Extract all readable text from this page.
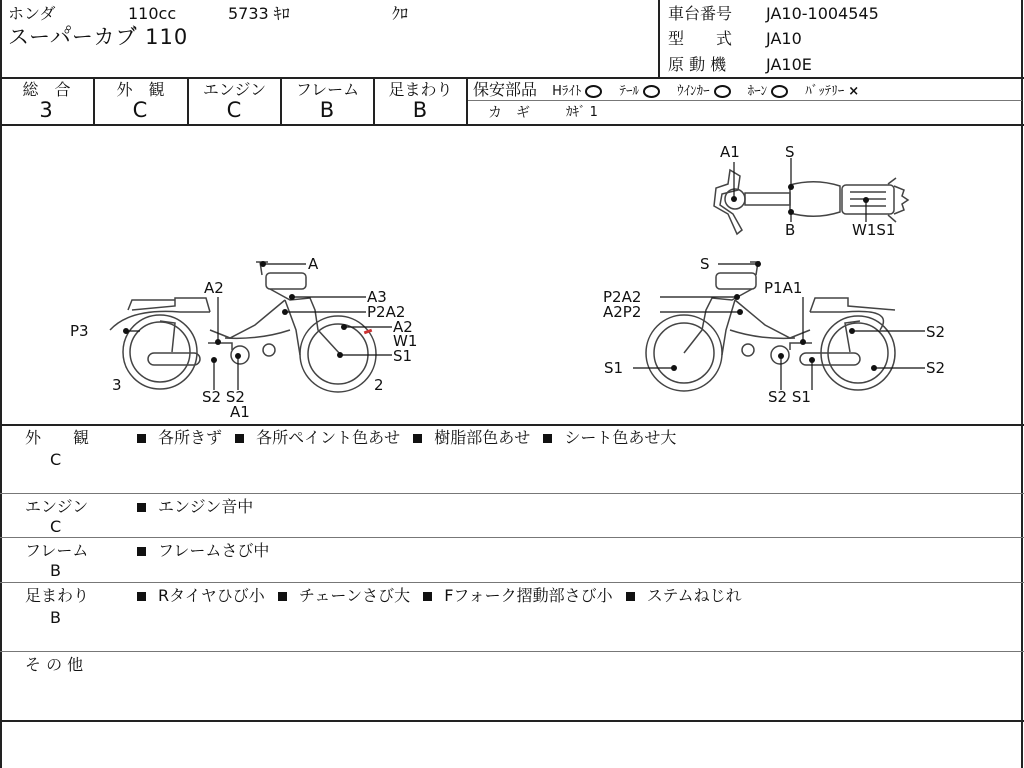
ホンダ	110cc	5733 ｷﾛ	ｸﾛ
スーパ゚ーカブ゙ 110
車台番号 JA10-1004545
型　　式 JA10
原 動 機 JA10E
総　合
3
外　観
C
エンジン
C
フレーム
B
足まわり
B
保安部品 Hﾗｲﾄ	ﾃｰﾙ	ｳｲﾝｶｰ	ﾎｰﾝ	ﾊﾞｯﾃﾘｰ ×
カ　ギ	ｶｷﾞ 1
A1	S
B	W1S1
A
A2	A3
P2A2
A2
W1
S1
P3
3	2
S2 S2
A1
S
P1A1
P2A2
A2P2
S2
S1	S2
S2 S1
外　　観
C
各所きず 各所ペイント色あせ 樹脂部色あせ シート色あせ大
エンジン
C
エンジン音中
フレーム
B
フレームさび中
足まわり
B
Rタイヤひび小 チェーンさび大 Fフォーク摺動部さび小 ステムねじれ
そ の 他
